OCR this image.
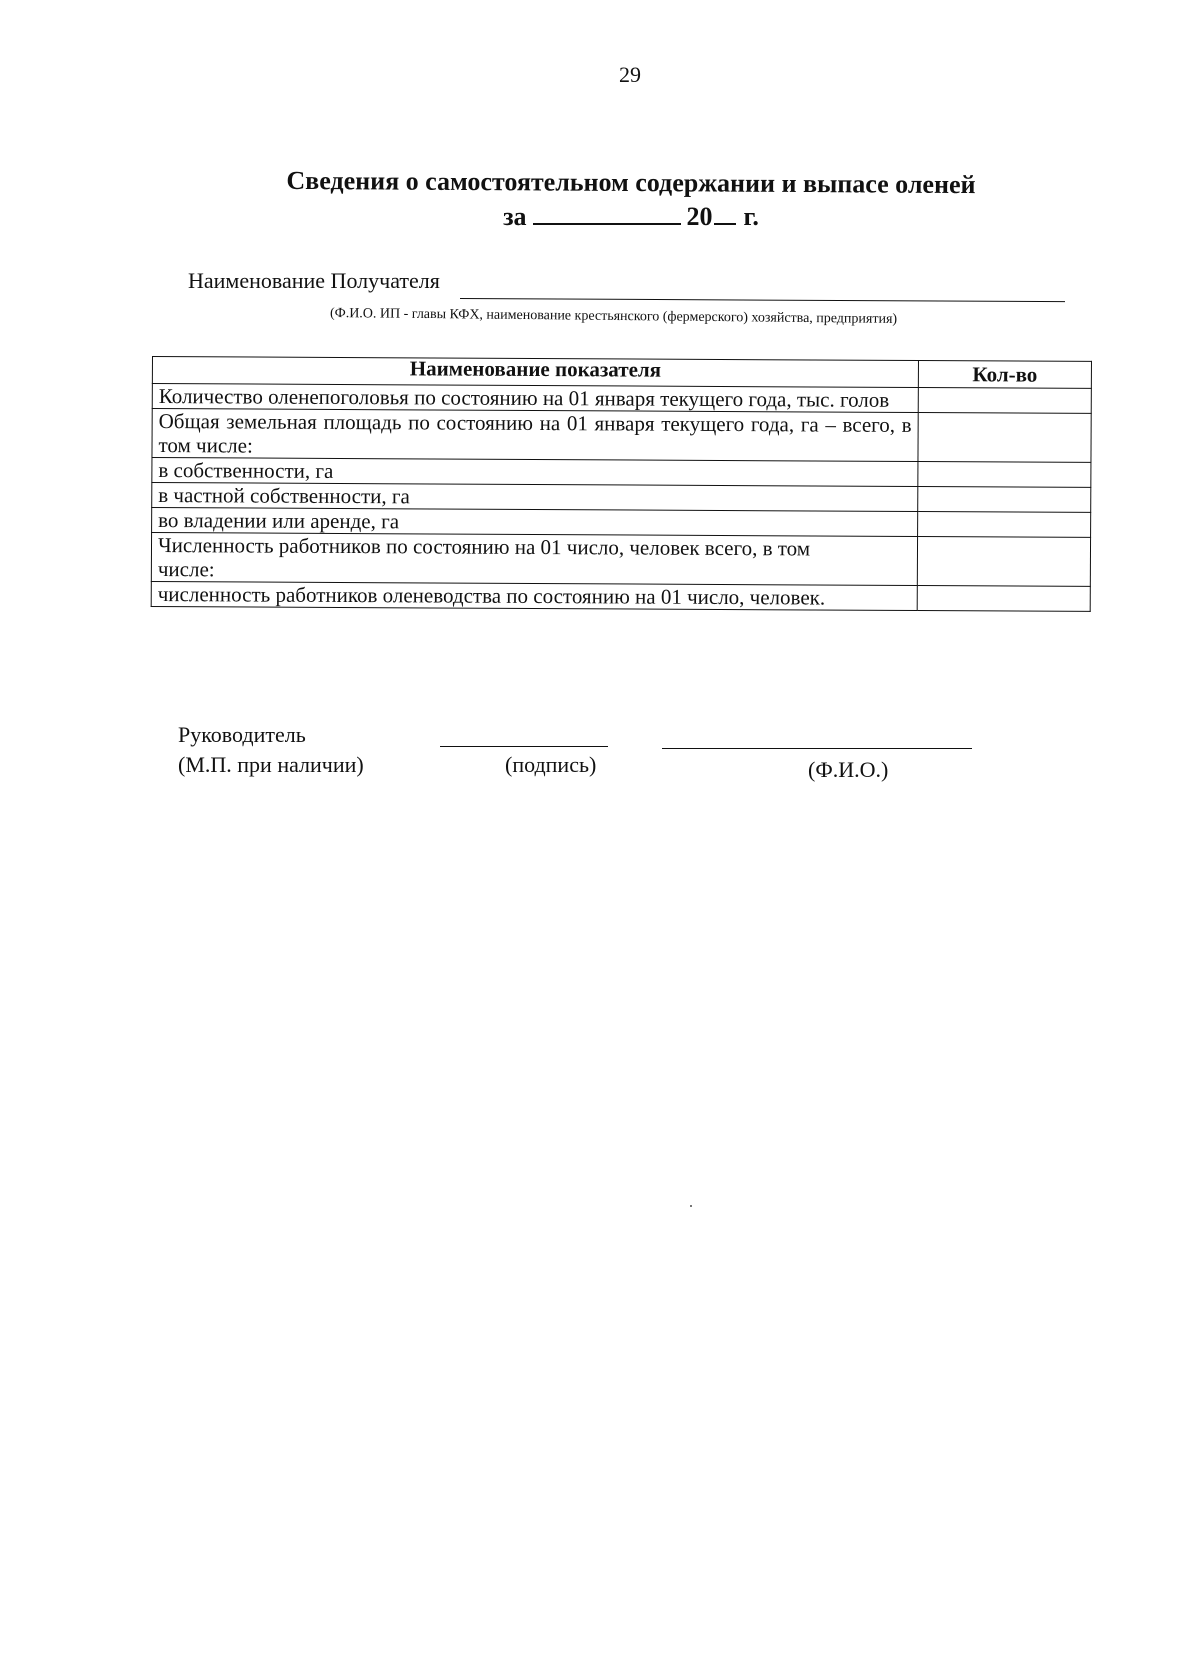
29
Сведения о самостоятельном содержании и выпасе оленей
за	20 г.
Наименование Получателя
(Ф.И.О. ИП - главы КФХ, наименование крестьянского (фермерского) хозяйства, предприятия)
Наименование показателя	Кол-во
Количество оленепоголовья по состоянию на 01 января текущего года, тыс. голов	
Общая земельная площадь по состоянию на 01 января текущего года, га – всего, в том числе:	
в собственности, га	
в частной собственности, га	
во владении или аренде, га	
Численность работников по состоянию на 01 число, человек всего, в том числе:	
численность работников оленеводства по состоянию на 01 число, человек.	
Руководитель
(М.П. при наличии)	(подпись)	(Ф.И.О.)
